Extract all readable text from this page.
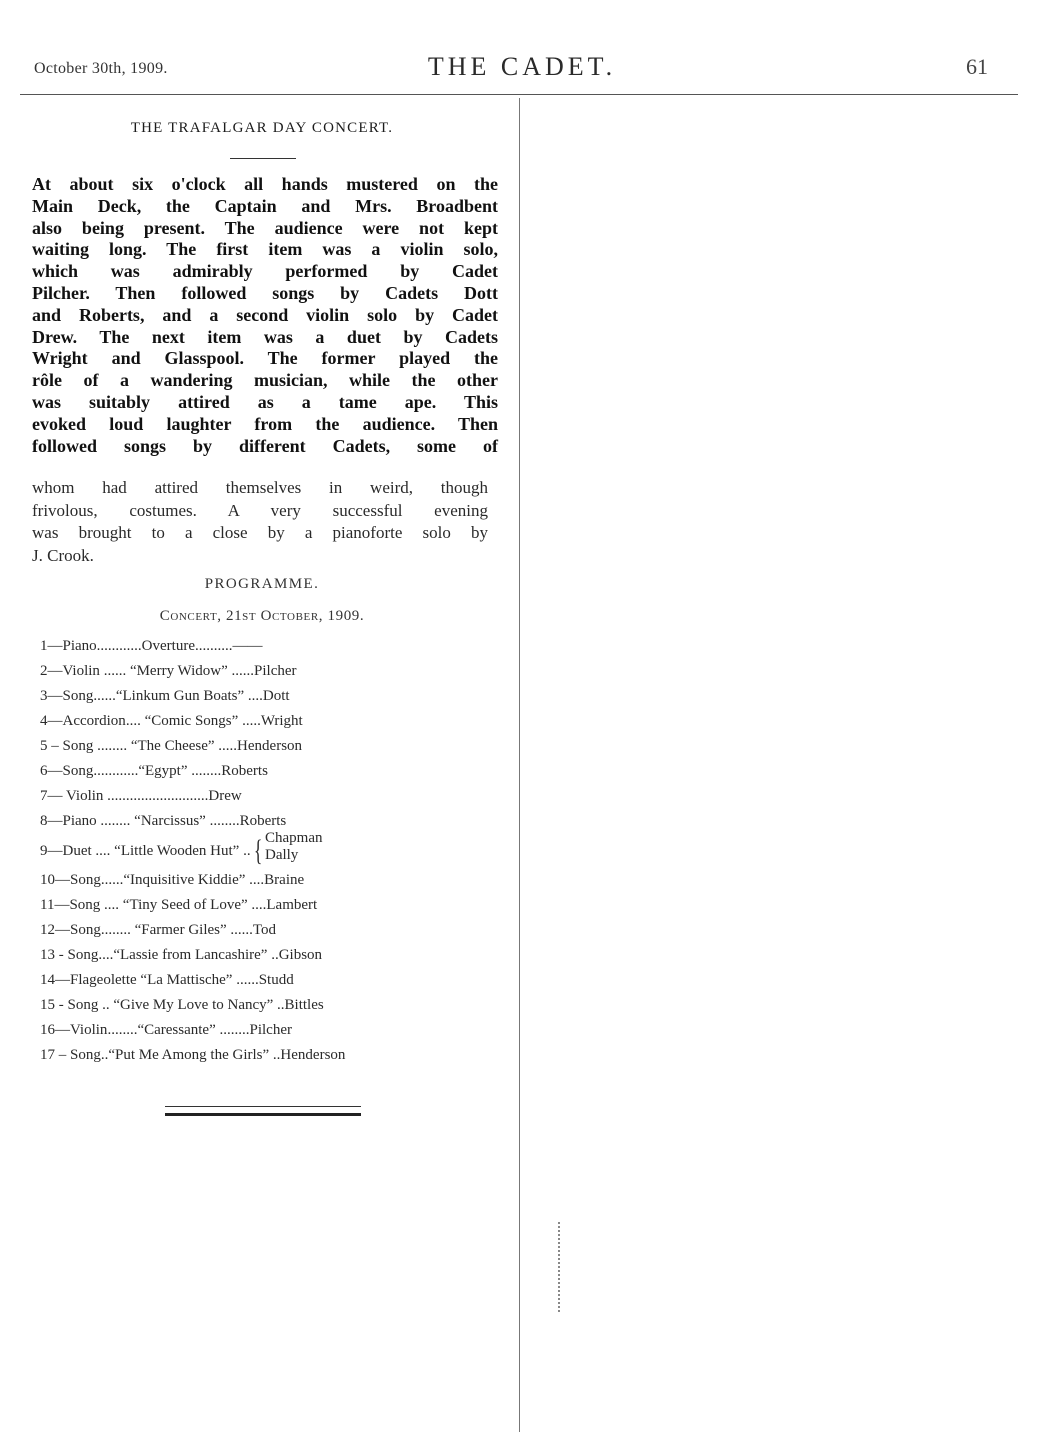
October 30th, 1909.	THE CADET.	61
THE TRAFALGAR DAY CONCERT.
At about six o'clock all hands mustered on the
Main Deck, the Captain and Mrs. Broadbent
also being present. The audience were not kept
waiting long. The first item was a violin solo,
which was admirably performed by Cadet
Pilcher. Then followed songs by Cadets Dott
and Roberts, and a second violin solo by Cadet
Drew. The next item was a duet by Cadets
Wright and Glasspool. The former played the
rôle of a wandering musician, while the other
was suitably attired as a tame ape. This
evoked loud laughter from the audience. Then
followed songs by different Cadets, some of
whom had attired themselves in weird, though
frivolous, costumes. A very successful evening
was brought to a close by a pianoforte solo by
J. Crook.
PROGRAMME.
Concert, 21st October, 1909.
1—Piano............Overture..........——
2—Violin ...... “Merry Widow” ......Pilcher
3—Song......“Linkum Gun Boats” ....Dott
4—Accordion.... “Comic Songs” .....Wright
5 – Song ........ “The Cheese” .....Henderson
6—Song............“Egypt” ........Roberts
7— Violin ...........................Drew
8—Piano ........ “Narcissus” ........Roberts
9—Duet .... “Little Wooden Hut” ..{ Chapman
Dally
10—Song......“Inquisitive Kiddie” ....Braine
11—Song .... “Tiny Seed of Love” ....Lambert
12—Song........ “Farmer Giles” ......Tod
13 - Song....“Lassie from Lancashire” ..Gibson
14—Flageolette “La Mattische” ......Studd
15 - Song .. “Give My Love to Nancy” ..Bittles
16—Violin........“Caressante” ........Pilcher
17 – Song..“Put Me Among the Girls” ..Henderson
